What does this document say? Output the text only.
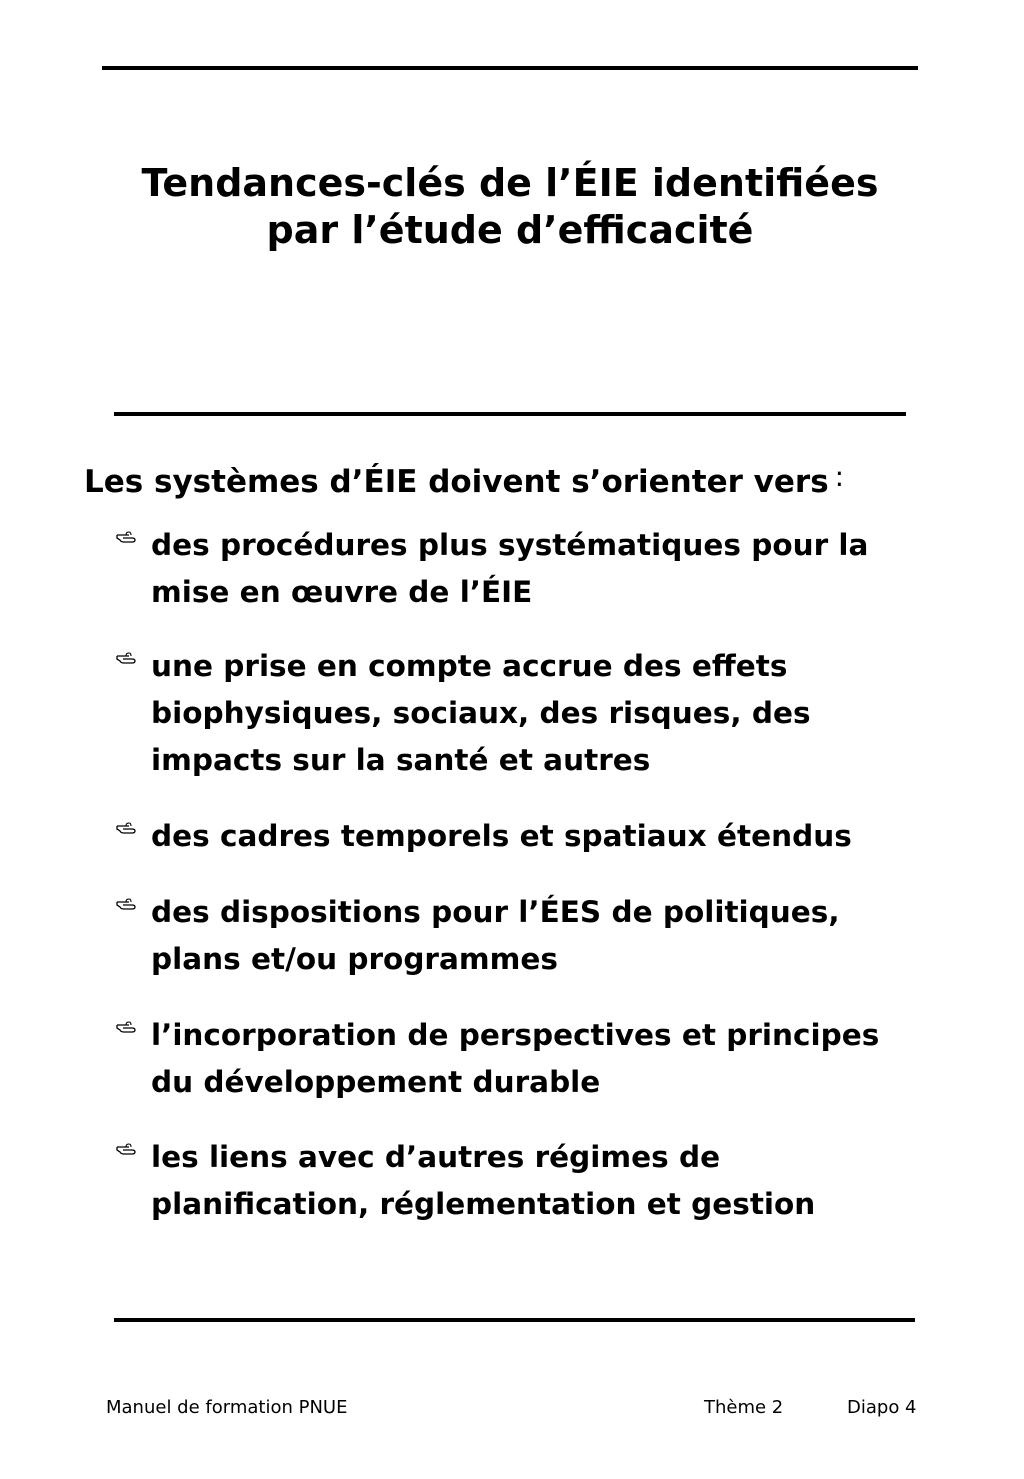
Tendances-clés de l’ÉIE identifiées
par l’étude d’efficacité

Les systèmes d’ÉIE doivent s’orienter vers :

des procédures plus systématiques pour la
mise en œuvre de l’ÉIE
une prise en compte accrue des effets
biophysiques, sociaux, des risques, des
impacts sur la santé et autres
des cadres temporels et spatiaux étendus
des dispositions pour l’ÉES de politiques,
plans et/ou programmes
l’incorporation de perspectives et principes
du développement durable
les liens avec d’autres régimes de
planification, réglementation et gestion
Manuel de formation PNUE	Thème 2	Diapo 4
